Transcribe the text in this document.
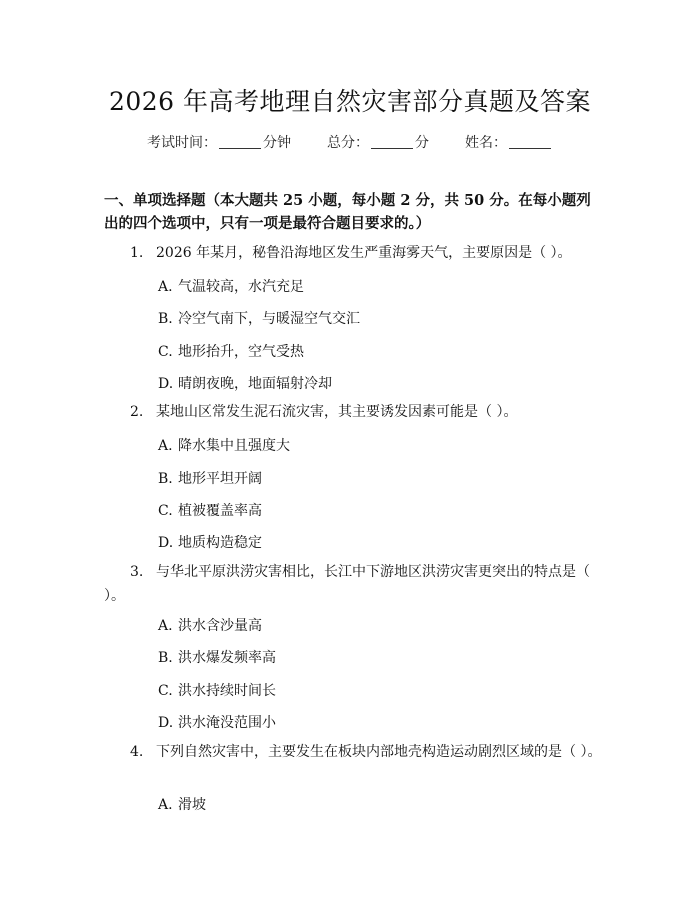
2026 年高考地理自然灾害部分真题及答案
考试时间：	分钟	总分：	分	姓名：
一、单项选择题（本大题共 25 小题，每小题 2 分，共 50 分。在每小题列出的四个选项中，只有一项是最符合题目要求的。）
1. 2026 年某月，秘鲁沿海地区发生严重海雾天气，主要原因是（ ）。
A. 气温较高，水汽充足
B. 冷空气南下，与暖湿空气交汇
C. 地形抬升，空气受热
D. 晴朗夜晚，地面辐射冷却
2. 某地山区常发生泥石流灾害，其主要诱发因素可能是（ ）。
A. 降水集中且强度大
B. 地形平坦开阔
C. 植被覆盖率高
D. 地质构造稳定
3. 与华北平原洪涝灾害相比，长江中下游地区洪涝灾害更突出的特点是（ ）。
A. 洪水含沙量高
B. 洪水爆发频率高
C. 洪水持续时间长
D. 洪水淹没范围小
4. 下列自然灾害中，主要发生在板块内部地壳构造运动剧烈区域的是（ ）。
A. 滑坡
